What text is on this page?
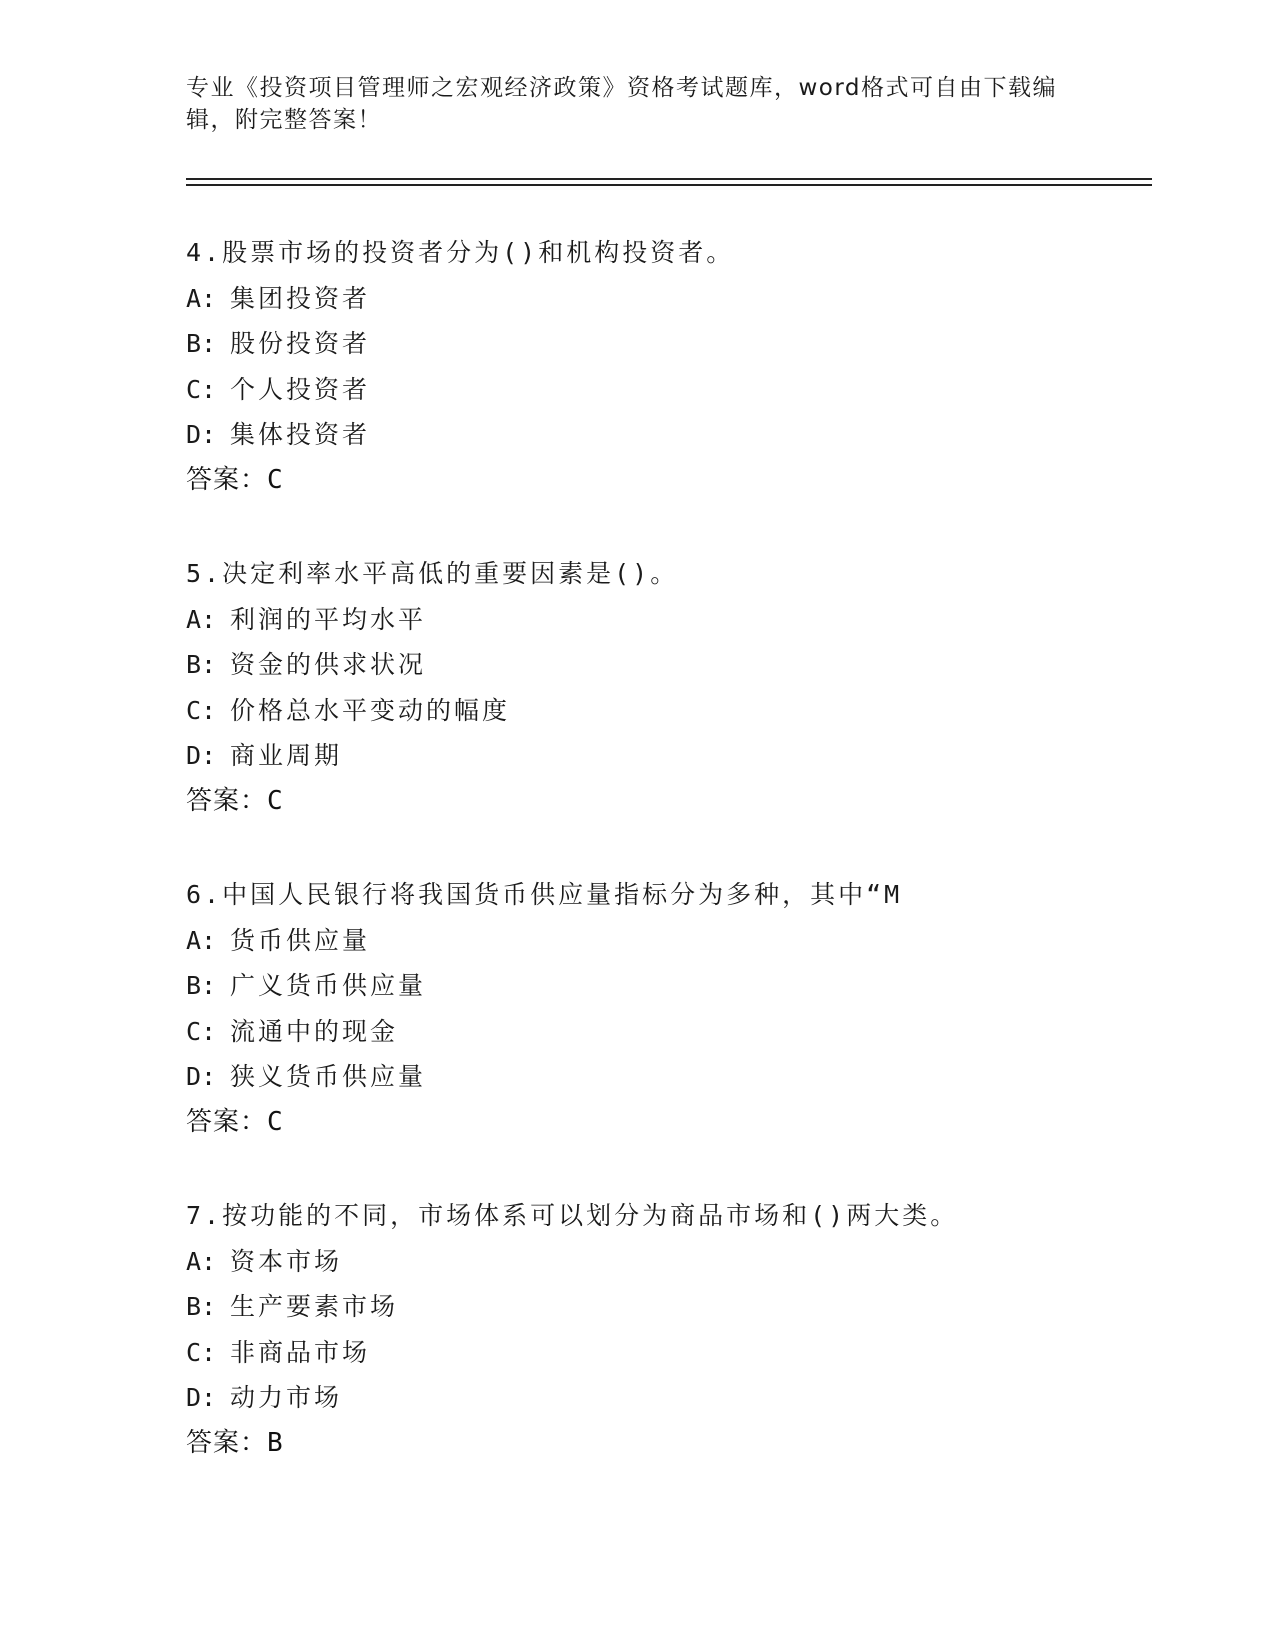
专业《投资项目管理师之宏观经济政策》资格考试题库，word格式可自由下载编辑，附完整答案！
4.股票市场的投资者分为()和机构投资者。
A: 集团投资者
B: 股份投资者
C: 个人投资者
D: 集体投资者
答案：C
5.决定利率水平高低的重要因素是()。
A: 利润的平均水平
B: 资金的供求状况
C: 价格总水平变动的幅度
D: 商业周期
答案：C
6.中国人民银行将我国货币供应量指标分为多种，其中“M
A: 货币供应量
B: 广义货币供应量
C: 流通中的现金
D: 狭义货币供应量
答案：C
7.按功能的不同，市场体系可以划分为商品市场和()两大类。
A: 资本市场
B: 生产要素市场
C: 非商品市场
D: 动力市场
答案：B
